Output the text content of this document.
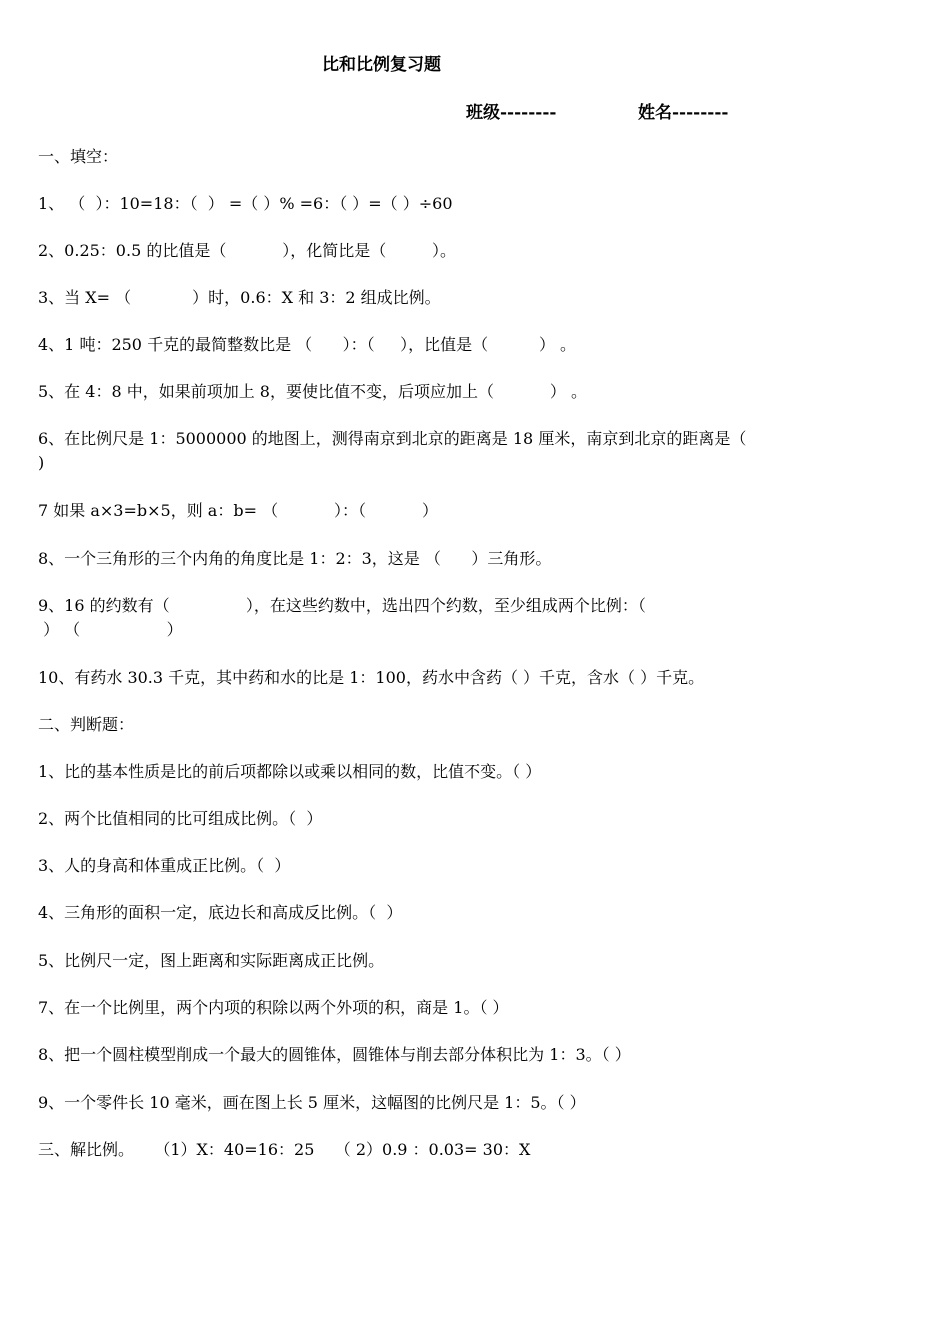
比和比例复习题
班级--------	姓名--------
一、填空：
1、 （  ）：10=18：（  ） =（ ）% =6：（ ）=（ ）÷60
2、0.25：0.5 的比值是（           ），化简比是（         ）。
3、当 X= （            ）时，0.6：X 和 3：2 组成比例。
4、1 吨：250 千克的最简整数比是 （      ）：（     ），比值是（          ） 。
5、在 4：8 中，如果前项加上 8，要使比值不变，后项应加上（           ） 。
6、在比例尺是 1：5000000 的地图上，测得南京到北京的距离是 18 厘米，南京到北京的距离是（
)
7 如果 a×3=b×5，则 a：b= （           ）：（           ）
8、一个三角形的三个内角的角度比是 1：2：3，这是 （      ）三角形。
9、16 的约数有（               ），在这些约数中，选出四个约数，至少组成两个比例：（
） （                 ）
10、有药水 30.3 千克，其中药和水的比是 1：100，药水中含药（ ）千克，含水（ ）千克。
二、判断题：
1、比的基本性质是比的前后项都除以或乘以相同的数，比值不变。（ ）
2、两个比值相同的比可组成比例。（  ）
3、人的身高和体重成正比例。（  ）
4、三角形的面积一定，底边长和高成反比例。（  ）
5、比例尺一定，图上距离和实际距离成正比例。
7、在一个比例里，两个内项的积除以两个外项的积，商是 1。（ ）
8、把一个圆柱模型削成一个最大的圆锥体，圆锥体与削去部分体积比为 1：3。（ ）
9、一个零件长 10 毫米，画在图上长 5 厘米，这幅图的比例尺是 1：5。（ ）
三、解比例。    （1）X：40=16：25    （ 2）0.9 ：0.03= 30：X
